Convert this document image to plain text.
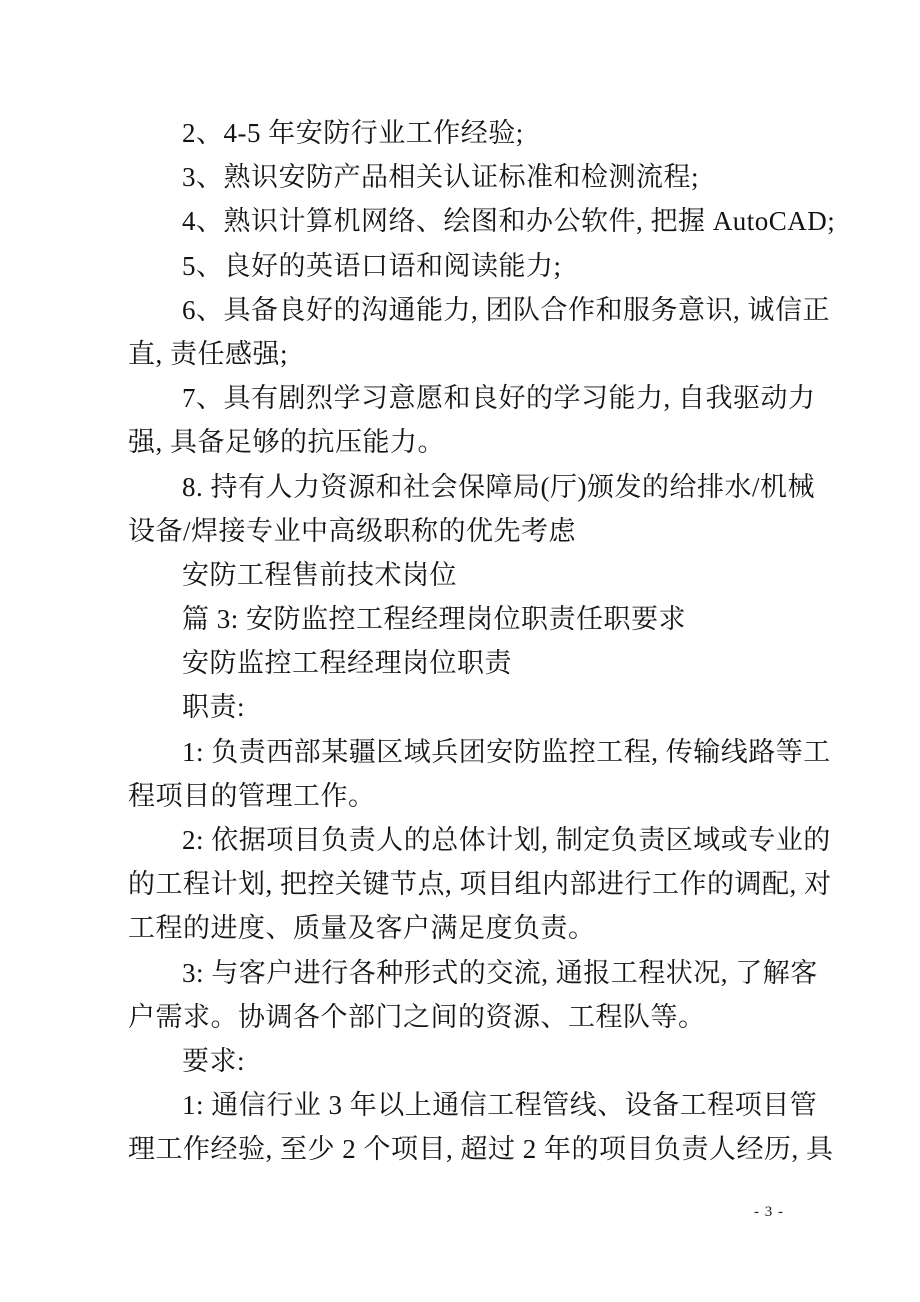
2、4-5 年安防行业工作经验;
3、熟识安防产品相关认证标准和检测流程;
4、熟识计算机网络、绘图和办公软件, 把握 AutoCAD;
5、良好的英语口语和阅读能力;
6、具备良好的沟通能力, 团队合作和服务意识, 诚信正
直, 责任感强;
7、具有剧烈学习意愿和良好的学习能力, 自我驱动力
强, 具备足够的抗压能力。
8. 持有人力资源和社会保障局(厅)颁发的给排水/机械
设备/焊接专业中高级职称的优先考虑
安防工程售前技术岗位
篇 3: 安防监控工程经理岗位职责任职要求
安防监控工程经理岗位职责
职责:
1: 负责西部某疆区域兵团安防监控工程, 传输线路等工
程项目的管理工作。
2: 依据项目负责人的总体计划, 制定负责区域或专业的
的工程计划, 把控关键节点, 项目组内部进行工作的调配, 对
工程的进度、质量及客户满足度负责。
3: 与客户进行各种形式的交流, 通报工程状况, 了解客
户需求。协调各个部门之间的资源、工程队等。
要求:
1: 通信行业 3 年以上通信工程管线、设备工程项目管
理工作经验, 至少 2 个项目, 超过 2 年的项目负责人经历, 具
- 3 -
